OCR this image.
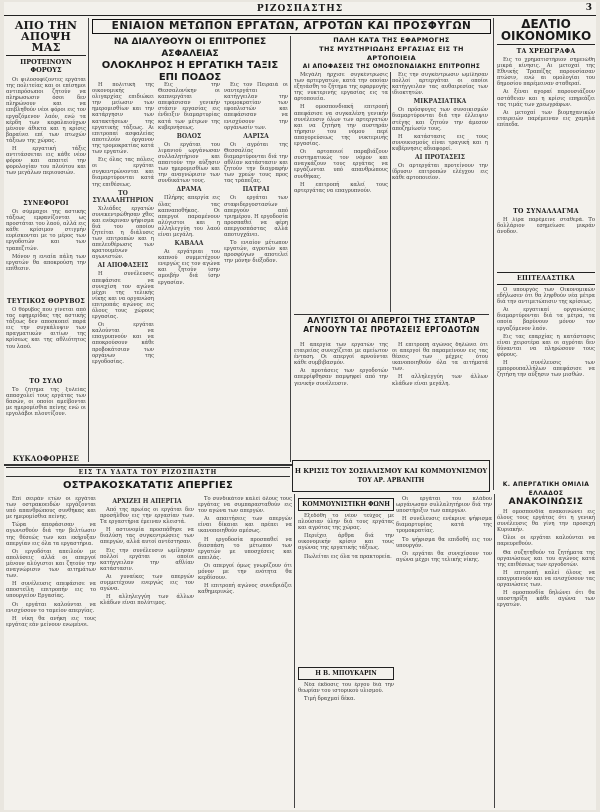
ΡΙΖΟΣΠΑΣΤΗΣ	3
ΑΠΟ ΤΗΝ
ΑΠΟΨΗ ΜΑΣ
ΠΡΟΤΕΙΝΟΥΝ ΦΟΡΟΥΣ

Οι φιλοσοφίζοντες εργάται της πολιτείας και οι επίσημοι αντιπρόσωποι ζητούν να πληρωσωσιν όσοι δεν πληρώνουν και να επιβληθούν νέοι φόροι εις τον εργαζόμενον λαόν, ενώ τα κέρδη των κεφαλαιούχων μένουν άθικτα και η κρίσις βαραίνει επί των πτωχών τάξεων της χώρας.

Η εργατική τάξις αντιτάσσεται εις κάθε νέον φόρον και απαιτεί την φορολογίαν του πλούτου και των μεγάλων περιουσιών.

ΣΥΝΕΦΟΡΟΙ

Οι σύμμαχοι της αστικής τάξεως εμφανίζονται ως προστάται του λαού, αλλά εις κάθε κρίσιμον στιγμήν ευρίσκονται με το μέρος των εργοδοτών και των τραπεζιτών.

Μόνον η ενιαία πάλη των εργατών θα αποκρούση την επίθεσιν.

ΤΕΥΤΙΚΟΣ ΘΟΡΥΒΟΣ

Ο θόρυβος που γίνεται από τας εφημερίδας της αστικής τάξεως δεν αποσκοπεί παρά εις την συγκάλυψιν των πραγματικών αιτίων της κρίσεως και της αθλιότητος του λαού.

ΤΟ ΣΥΛΟ

Το ζήτημα της ξυλείας απασχολεί τους εργάτας των δασών, οι οποίοι αμείβονται με ημερομίσθια πείνης ενώ οι εργολάβοι πλουτίζουν.

ΚΥΚΛΟΦΟΡΗΣΕ

ΕΝΙΑΙΟΝ ΜΕΤΩΠΟΝ ΕΡΓΑΤΩΝ, ΑΓΡΟΤΩΝ ΚΑΙ ΠΡΟΣΦΥΓΩΝ
ΝΑ ΔΙΑΛΥΘΟΥΝ ΟΙ ΕΠΙΤΡΟΠΕΣ ΑΣΦΑΛΕΙΑΣ
ΟΛΟΚΛΗΡΟΣ Η ΕΡΓΑΤΙΚΗ ΤΑΞΙΣ ΕΠΙ ΠΟΔΟΣ

Η πολιτική της οικονομικής ολιγαρχίας επιδιώκει την μείωσιν των ημερομισθίων και την κατάργησιν των κατακτήσεων της εργατικής τάξεως. Αι επιτροπαί ασφαλείας αποτελούν όργανον της τρομοκρατίας κατά των εργατών.

Εις όλας τας πόλεις οι εργάται συγκεντρώνονται και διαμαρτύρονται κατά της επιθέσεως.

ΤΟ ΣΥΛΛΑΛΗΤΗΡΙΟΝ

Χιλιάδες εργατών συνεκεντρώθησαν χθες και ενέκριναν ψήφισμα διά του οποίου ζητείται η διάλυσις των επιτροπών και η απελευθέρωσις των κρατουμένων αγωνιστών.

ΑΙ ΑΠΟΦΑΣΕΙΣ

Η συνέλευσις απεφάσισε να συνεχίση τον αγώνα μέχρι της τελικής νίκης και να οργανώση επιτροπάς αγώνος εις όλους τους χώρους εργασίας.

Οι εργάται καλούνται να επαγρυπνούν και να αποκρούσουν κάθε προβοκάτσιαν των οργάνων της εργοδοσίας.

Εις την Θεσσαλονίκην οι καπνεργάται απεφάσισαν γενικήν στάσιν εργασίας εις ένδειξιν διαμαρτυρίας κατά των μέτρων της κυβερνήσεως.

ΒΟΛΟΣ

Οι εργάται του λιμανιού ωργάνωσαν συλλαλητήριον και απαιτούν την αύξησιν των ημερομισθίων και την αναγνώρισιν των συνδικάτων τους.

ΔΡΑΜΑ

Πλήρης απεργία εις όλας τας καπναποθήκας. Οι απεργοί παραμένουν αλύγιστοι και η αλληλεγγύη του λαού είναι μεγάλη.

ΚΑΒΑΛΑ

Αι εργάτριαι του καπνού συμμετέχουν ενεργώς εις τον αγώνα και ζητούν ίσην αμοιβήν διά ίσην εργασίαν.

Εις τον Πειραιά οι ναυτεργάται κατήγγειλαν την τρομοκρατίαν των εφοπλιστών και απεφάσισαν να ενισχύσουν την οργάνωσίν των.

ΛΑΡΙΣΑ

Οι αγρόται της Θεσσαλίας διαμαρτύρονται διά την αθλίαν κατάστασιν και ζητούν την διαγραφήν των χρεών τους προς τας τράπεζας.

ΠΑΤΡΑΙ

Οι εργάται των σταφιδεργοστασίων απεργούν από τριημέρου. Η εργοδοσία προσπαθεί να φέρη απεργοσπάστας αλλά αποτυγχάνει.

Το ενιαίον μέτωπον εργατών, αγροτών και προσφύγων αποτελεί την μόνην διέξοδον.

ΠΑΛΗ ΚΑΤΑ ΤΗΣ ΕΦΑΡΜΟΓΗΣ
ΤΗΣ ΜΥΣΤΗΡΙΩΔΗΣ ΕΡΓΑΣΙΑΣ ΕΙΣ ΤΗ ΑΡΤΟΠΟΙΕΙΑ
ΑΙ ΑΠΟΦΑΣΕΙΣ ΤΗΣ ΟΜΟΣΠΟΝΔΙΑΚΗΣ ΕΠΙΤΡΟΠΗΣ

Μεγάλη ήρχισε συγκέντρωσις των αρτεργατών, κατά την οποίαν εξητάσθη το ζήτημα της εφαρμογής της νυκτερινής εργασίας εις τα αρτοποιεία.

Η ομοσπονδιακή επιτροπή απεφάσισε να συγκαλέση γενικήν συνέλευσιν όλων των αρτεργατών και να ζητήση την αυστηράν τήρησιν του νόμου περί απαγορεύσεως της νυκτερινής εργασίας.

Οι αρτοποιοί παραβιάζουν συστηματικώς τον νόμον και αναγκάζουν τους εργάτας να εργάζωνται υπό απανθρώπους συνθήκας.

Η επιτροπή καλεί τους αρτεργάτας να επαγρυπνούν.

Εις την συγκέντρωσιν ωμίλησαν πολλοί αρτεργάται οι οποίοι κατήγγειλαν τας αυθαιρεσίας των ιδιοκτητών.

ΜΙΚΡΑΣΙΑΤΙΚΑ

Οι πρόσφυγες των συνοικισμών διαμαρτύρονται διά την έλλειψιν στέγης και ζητούν την άμεσον αποζημίωσίν τους.

Η κατάστασις εις τους συνοικισμούς είναι τραγική και η κυβέρνησις αδιαφορεί.

ΑΙ ΠΡΟΤΑΣΕΙΣ

Οι αρτεργάται προτείνουν την ίδρυσιν επιτροπών ελέγχου εις κάθε αρτοποιείον.

ΑΛΥΓΙΣΤΟΙ ΟΙ ΑΠΕΡΓΟΙ ΤΗΣ ΣΤΑΝΤΑΡ
ΑΓΝΟΟΥΝ ΤΑΣ ΠΡΟΤΑΣΕΙΣ ΕΡΓΟΔΟΤΩΝ

Η απεργία των εργατών της εταιρείας συνεχίζεται με αμείωτον ένταση. Οι απεργοί αρνούνται κάθε συμβιβασμόν.

Αι προτάσεις των εργοδοτών απερρίφθησαν παμψηφεί από την γενικήν συνέλευσιν.

Η επιτροπή αγώνος δηλώνει ότι οι απεργοί θα παραμείνουν εις τας θέσεις των μέχρις ότου ικανοποιηθούν όλα τα αιτήματά των.

Η αλληλεγγύη των άλλων κλάδων είναι μεγάλη.

Η ΚΡΙΣΙΣ ΤΟΥ ΣΟΣΙΑΛΙΣΜΟΥ ΚΑΙ ΚΟΜΜΟΥΝΙΣΜΟΥ
ΤΟΥ ΑΡ. ΑΡΒΑΝΙΤΗ
ΔΕΛΤΙΟ
ΟΙΚΟΝΟΜΙΚΟ
ΤΑ ΧΡΕΩΓΡΑΦΑ

Εις το χρηματιστήριον σημειώθη μικρά κίνησις. Αι μετοχαί της Εθνικής Τραπέζης παρουσίασαν πτώσιν, ενώ αι ομολογίαι του δημοσίου παρέμειναν σταθεραί.

Αι ξέναι αγοραί παρουσιάζουν αστάθειαν και η κρίσις επηρεάζει τας τιμάς των χρεωγράφων.

Αι μετοχαί των βιομηχανικών εταιρειών παρέμειναν εις χαμηλά επίπεδα.

ΤΟ ΣΥΝΑΛΛΑΓΜΑ

Η λίρα παρέμεινε σταθερά. Το δολλάριον εσημείωσε μικράν άνοδον.

ΕΠΙΤΕΛΑΣΤΙΚΑ

Ο υπουργός των Οικονομικών εδήλωσεν ότι θα ληφθούν νέα μέτρα διά την αντιμετώπισιν της κρίσεως.

Αι εργατικαί οργανώσεις διαμαρτύρονται διά τα μέτρα, τα οποία βαρύνουν μόνον τον εργαζόμενον λαόν.

Εις τας επαρχίας η κατάστασις είναι χειροτέρα και οι αγρόται δεν δύνανται να πληρώσουν τους φόρους.

Η συνέλευσις των εμπορουπαλλήλων απεφάσισε να ζητήση την αύξησιν των μισθών.

ΕΙΣ ΤΑ ΥΔΑΤΑ ΤΟΥ ΡΙΖΟΣΠΑΣΤΗ
ΟΣΤΡΑΚΟΣΚΑΤΑΤΙΣ ΑΠΕΡΓΙΕΣ

Επί σειράν ετών οι εργάται των οστρακοειδών εργάζονται υπό απανθρώπους συνθήκας και με ημερομίσθια πείνης.

Τώρα απεφάσισαν να αγωνισθούν διά την βελτίωσιν της θέσεώς των και εκήρυξαν απεργίαν εις όλα τα εργαστήρια.

Οι εργοδόται απειλούν με απολύσεις αλλά οι απεργοί μένουν αλύγιστοι και ζητούν την αναγνώρισιν των αιτημάτων των.

Η συνέλευσις απεφάσισε να αποστείλη επιτροπήν εις το υπουργείον Εργασίας.

Οι εργάται καλούνται να ενισχύσουν το ταμείον απεργίας.

Η νίκη θα ανήκη εις τους εργάτας εάν μείνουν ενωμένοι.

ΑΡΧΙΖΕΙ Η ΑΠΕΡΓΙΑ

Από της πρωίας οι εργάται δεν προσήλθον εις την εργασίαν των. Τα εργαστήρια έμειναν κλειστά.

Η αστυνομία προσπάθησε να διαλύση τας συγκεντρώσεις των απεργών, αλλά αυτοί αντέστησαν.

Εις την συνέλευσιν ωμίλησαν πολλοί εργάται οι οποίοι κατήγγειλαν την αθλίαν κατάστασιν.

Αι γυναίκες των απεργών συμμετέχουν ενεργώς εις τον αγώνα.

Η αλληλεγγύη των άλλων κλάδων είναι πολύτιμος.

Το συνδικάτον καλεί όλους τους εργάτας να συμπαρασταθούν εις τον αγώνα των απεργών.

Αι απαιτήσεις των απεργών είναι δίκαιαι και πρέπει να ικανοποιηθούν αμέσως.

Η εργοδοσία προσπαθεί να διασπάση το μέτωπον των εργατών με υποσχέσεις και απειλάς.

Οι απεργοί όμως γνωρίζουν ότι μόνον με την ενότητα θα κερδίσουν.

Η επιτροπή αγώνος συνεδριάζει καθημερινώς.

ΚΟΜΜΟΥΝΙΣΤΙΚΗ ΦΩΝΗ

Εξεδόθη το νέον τεύχος με πλούσιαν ύλην διά τους εργάτας και αγρότας της χώρας.

Περιέχει άρθρα διά την οικονομικήν κρίσιν και τους αγώνας της εργατικής τάξεως.

Πωλείται εις όλα τα πρακτορεία.

Η Β. ΜΠΟΥΚΑΡΙΝ

Νέα έκδοσις του έργου διά την θεωρίαν του ιστορικού υλισμού.

Τιμή δραχμαί δέκα.

Οι εργάται του κλάδου ωργάνωσαν συλλαλητήριον διά την υποστήριξιν των απεργών.

Η συνέλευσις ενέκρινε ψήφισμα διαμαρτυρίας κατά της τρομοκρατίας.

Το ψήφισμα θα επιδοθή εις τον υπουργόν.

Οι εργάται θα συνεχίσουν τον αγώνα μέχρι της τελικής νίκης.

Κ. ΑΠΕΡΓΑΤΙΚΗ ΟΜΙΛΙΑ ΕΛΛΑΔΟΣ
ΑΝΑΚΟΙΝΩΣΙΣ

Η ομοσπονδία ανακοινώνει εις όλους τους εργάτας ότι η γενική συνέλευσις θα γίνη την προσεχή Κυριακήν.

Όλοι οι εργάται καλούνται να παρευρεθούν.

Θα συζητηθούν τα ζητήματα της οργανώσεως και του αγώνος κατά της επιθέσεως των εργοδοτών.

Η επιτροπή καλεί όλους να επαγρυπνούν και να ενισχύσουν τας οργανώσεις των.

Η ομοσπονδία δηλώνει ότι θα υποστηρίξη κάθε αγώνα των εργατών.
